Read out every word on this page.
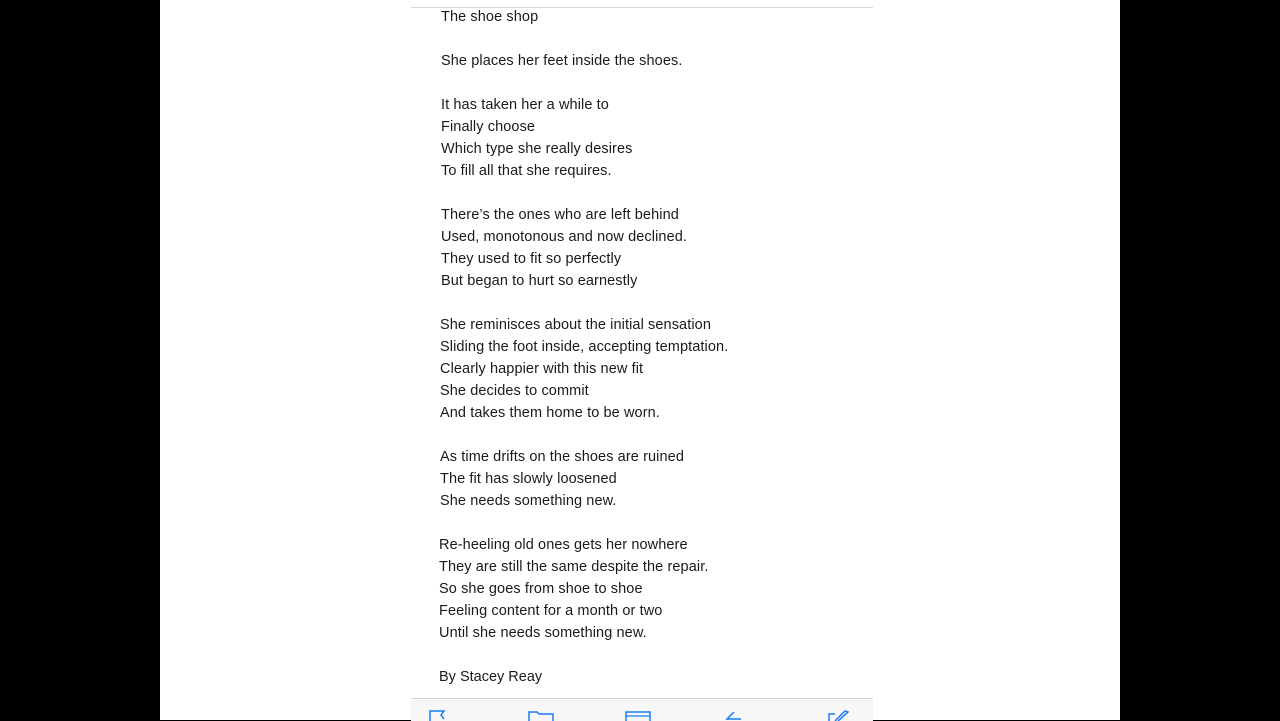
The shoe shop
She places her feet inside the shoes.
It has taken her a while to
Finally choose
Which type she really desires
To fill all that she requires.
There’s the ones who are left behind
Used, monotonous and now declined.
They used to fit so perfectly
But began to hurt so earnestly
She reminisces about the initial sensation
Sliding the foot inside, accepting temptation.
Clearly happier with this new fit
She decides to commit
And takes them home to be worn.
As time drifts on the shoes are ruined
The fit has slowly loosened
She needs something new.
Re-heeling old ones gets her nowhere
They are still the same despite the repair.
So she goes from shoe to shoe
Feeling content for a month or two
Until she needs something new.
By Stacey Reay
